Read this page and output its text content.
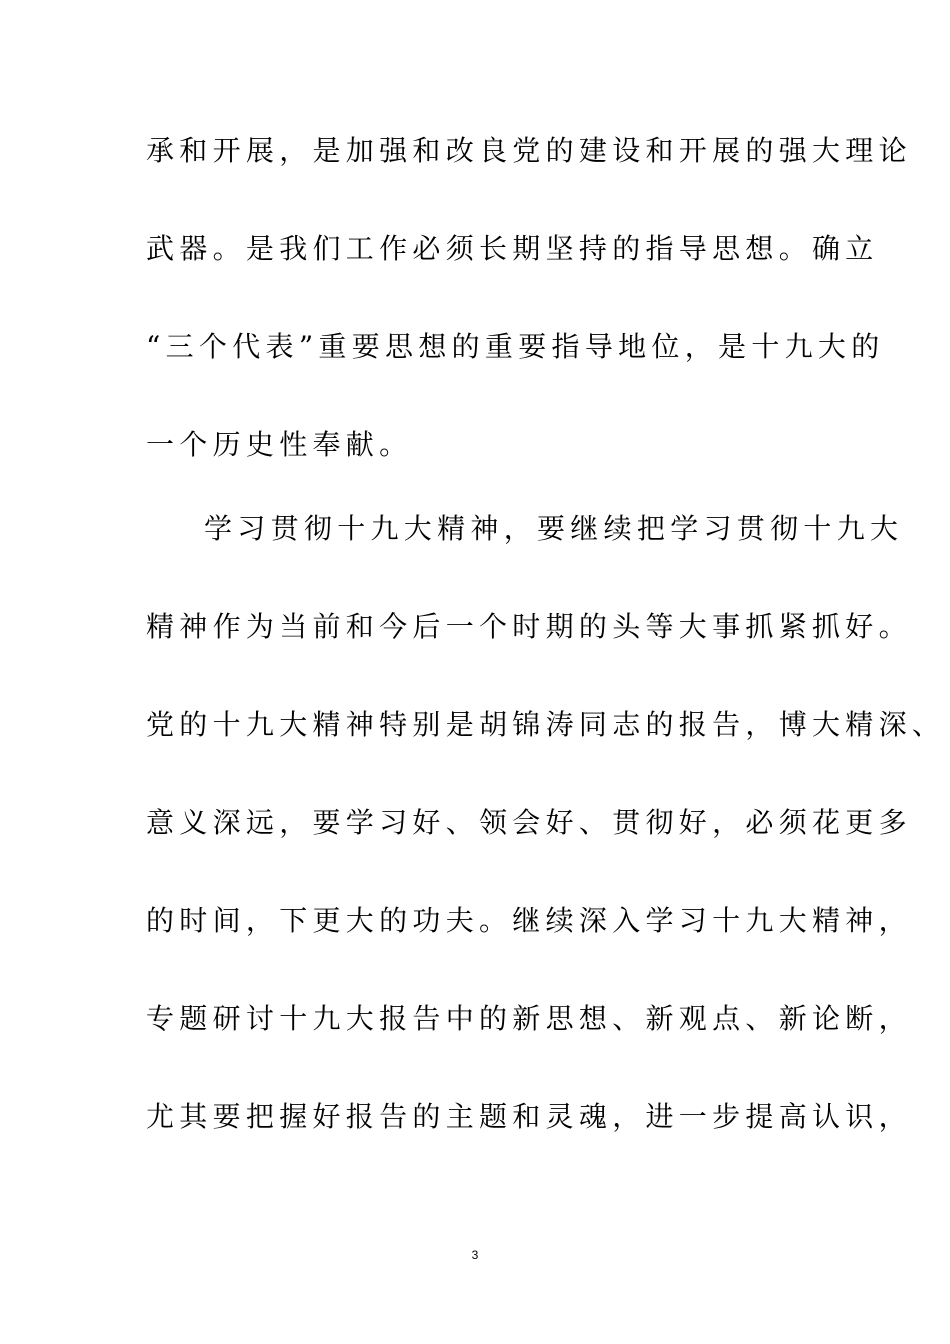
承和开展，是加强和改良党的建设和开展的强大理论
武器。是我们工作必须长期坚持的指导思想。确立
“三个代表”重要思想的重要指导地位，是十九大的
一个历史性奉献。
学习贯彻十九大精神，要继续把学习贯彻十九大
精神作为当前和今后一个时期的头等大事抓紧抓好。
党的十九大精神特别是胡锦涛同志的报告，博大精深、
意义深远，要学习好、领会好、贯彻好，必须花更多
的时间，下更大的功夫。继续深入学习十九大精神，
专题研讨十九大报告中的新思想、新观点、新论断，
尤其要把握好报告的主题和灵魂，进一步提高认识，
3
